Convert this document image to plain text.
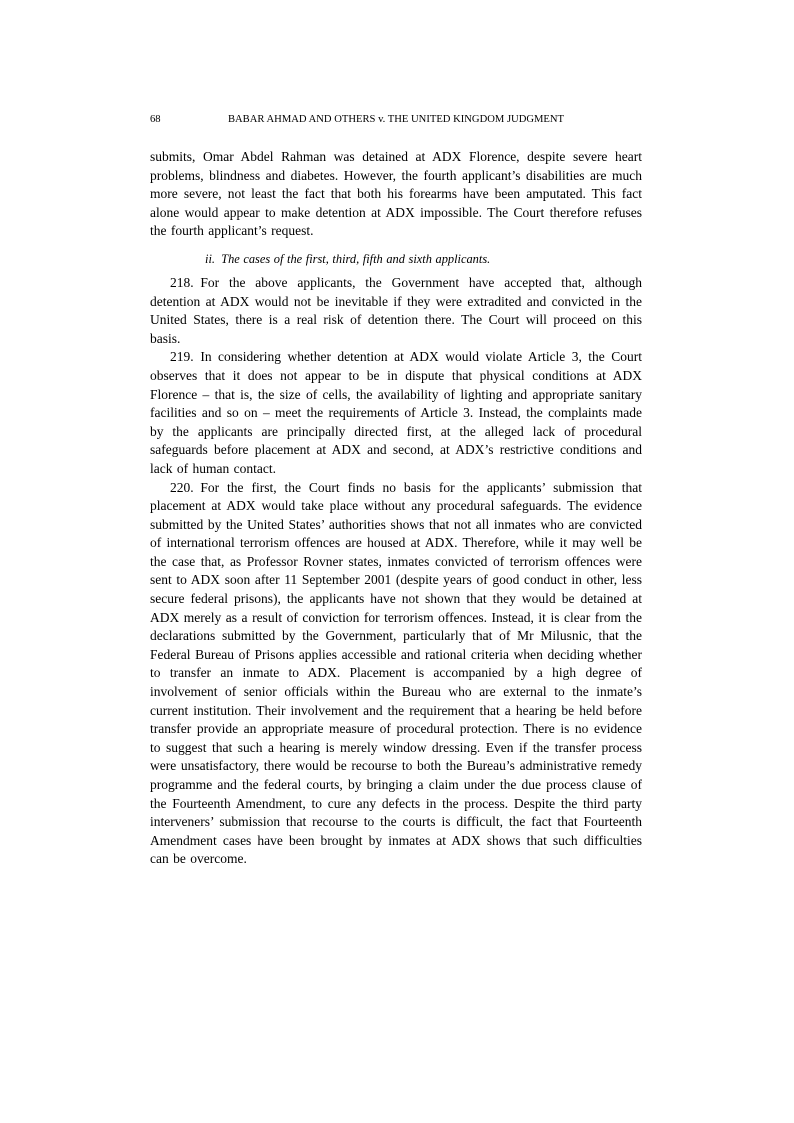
68	BABAR AHMAD AND OTHERS v. THE UNITED KINGDOM JUDGMENT

submits, Omar Abdel Rahman was detained at ADX Florence, despite severe heart problems, blindness and diabetes. However, the fourth applicant’s disabilities are much more severe, not least the fact that both his forearms have been amputated. This fact alone would appear to make detention at ADX impossible. The Court therefore refuses the fourth applicant’s request.

ii. The cases of the first, third, fifth and sixth applicants.

218. For the above applicants, the Government have accepted that, although detention at ADX would not be inevitable if they were extradited and convicted in the United States, there is a real risk of detention there. The Court will proceed on this basis.

219. In considering whether detention at ADX would violate Article 3, the Court observes that it does not appear to be in dispute that physical conditions at ADX Florence – that is, the size of cells, the availability of lighting and appropriate sanitary facilities and so on – meet the requirements of Article 3. Instead, the complaints made by the applicants are principally directed first, at the alleged lack of procedural safeguards before placement at ADX and second, at ADX’s restrictive conditions and lack of human contact.

220. For the first, the Court finds no basis for the applicants’ submission that placement at ADX would take place without any procedural safeguards. The evidence submitted by the United States’ authorities shows that not all inmates who are convicted of international terrorism offences are housed at ADX. Therefore, while it may well be the case that, as Professor Rovner states, inmates convicted of terrorism offences were sent to ADX soon after 11 September 2001 (despite years of good conduct in other, less secure federal prisons), the applicants have not shown that they would be detained at ADX merely as a result of conviction for terrorism offences. Instead, it is clear from the declarations submitted by the Government, particularly that of Mr Milusnic, that the Federal Bureau of Prisons applies accessible and rational criteria when deciding whether to transfer an inmate to ADX. Placement is accompanied by a high degree of involvement of senior officials within the Bureau who are external to the inmate’s current institution. Their involvement and the requirement that a hearing be held before transfer provide an appropriate measure of procedural protection. There is no evidence to suggest that such a hearing is merely window dressing. Even if the transfer process were unsatisfactory, there would be recourse to both the Bureau’s administrative remedy programme and the federal courts, by bringing a claim under the due process clause of the Fourteenth Amendment, to cure any defects in the process. Despite the third party interveners’ submission that recourse to the courts is difficult, the fact that Fourteenth Amendment cases have been brought by inmates at ADX shows that such difficulties can be overcome.
